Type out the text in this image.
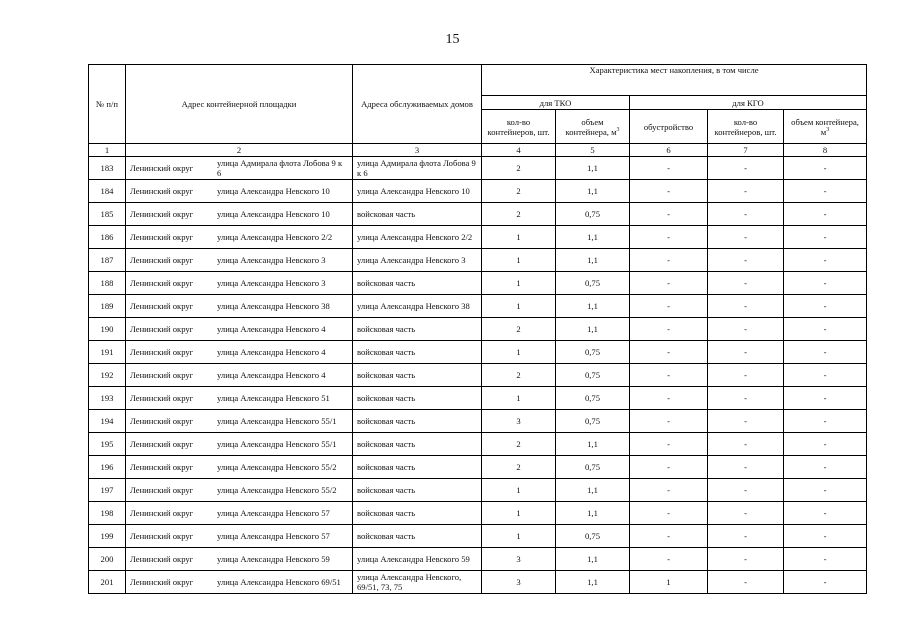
15
№ п/п	Адрес контейнерной площадки	Адреса обслуживаемых домов	Характеристика мест накопления, в том числе				
			для ТКО		для КГО		
			кол-во контейнеров, шт.	объем контейнера, $м^3$	обустройство	кол-во контейнеров, шт.	объем контейнера, $м^3$
1	2	3	4	5	6	7	8
183	Ленинский округ улица Адмирала флота Лобова 9 к 6	улица Адмирала флота Лобова 9 к 6	2	1,1	-	-	-
184	Ленинский округ улица Александра Невского 10	улица Александра Невского 10	2	1,1	-	-	-
185	Ленинский округ улица Александра Невского 10	войсковая часть	2	0,75	-	-	-
186	Ленинский округ улица Александра Невского 2/2	улица Александра Невского 2/2	1	1,1	-	-	-
187	Ленинский округ улица Александра Невского 3	улица Александра Невского 3	1	1,1	-	-	-
188	Ленинский округ улица Александра Невского 3	войсковая часть	1	0,75	-	-	-
189	Ленинский округ улица Александра Невского 38	улица Александра Невского 38	1	1,1	-	-	-
190	Ленинский округ улица Александра Невского 4	войсковая часть	2	1,1	-	-	-
191	Ленинский округ улица Александра Невского 4	войсковая часть	1	0,75	-	-	-
192	Ленинский округ улица Александра Невского 4	войсковая часть	2	0,75	-	-	-
193	Ленинский округ улица Александра Невского 51	войсковая часть	1	0,75	-	-	-
194	Ленинский округ улица Александра Невского 55/1	войсковая часть	3	0,75	-	-	-
195	Ленинский округ улица Александра Невского 55/1	войсковая часть	2	1,1	-	-	-
196	Ленинский округ улица Александра Невского 55/2	войсковая часть	2	0,75	-	-	-
197	Ленинский округ улица Александра Невского 55/2	войсковая часть	1	1,1	-	-	-
198	Ленинский округ улица Александра Невского 57	войсковая часть	1	1,1	-	-	-
199	Ленинский округ улица Александра Невского 57	войсковая часть	1	0,75	-	-	-
200	Ленинский округ улица Александра Невского 59	улица Александра Невского 59	3	1,1	-	-	-
201	Ленинский округ улица Александра Невского 69/51	улица Александра Невского, 69/51, 73, 75	3	1,1	1	-	-
